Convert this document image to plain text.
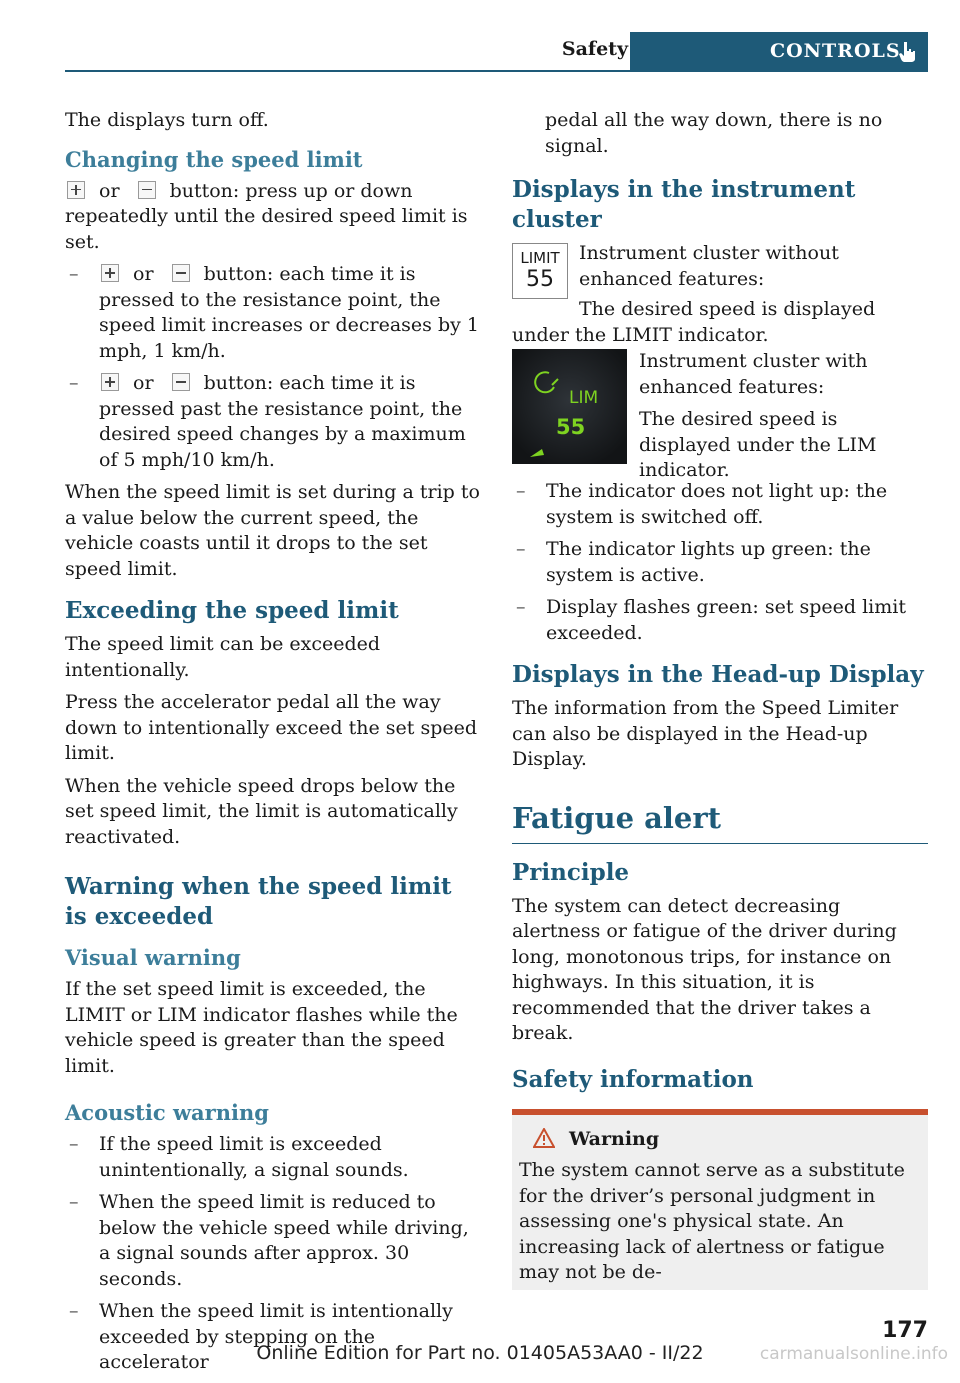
Safety	CONTROLS

The displays turn off.

Changing the speed limit

or	button: press up or down repeatedly until the desired speed limit is set.

–	or	button: each time it is pressed to the resistance point, the speed limit increases or decreases by 1 mph, 1 km/h.
–	or	button: each time it is pressed past the resistance point, the desired speed changes by a maximum of 5 mph/10 km/h.

When the speed limit is set during a trip to a value below the current speed, the vehicle coasts until it drops to the set speed limit.

Exceeding the speed limit

The speed limit can be exceeded intentionally.

Press the accelerator pedal all the way down to intentionally exceed the set speed limit.

When the vehicle speed drops below the set speed limit, the limit is automatically reactivated.

Warning when the speed limit is exceeded
Visual warning

If the set speed limit is exceeded, the LIMIT or LIM indicator flashes while the vehicle speed is greater than the speed limit.

Acoustic warning
– If the speed limit is exceeded unintentionally, a signal sounds.
– When the speed limit is reduced to below the vehicle speed while driving, a signal sounds after approx. 30 seconds.
– When the speed limit is intentionally exceeded by stepping on the accelerator

pedal all the way down, there is no signal.

Displays in the instrument cluster
LIMIT
55

Instrument cluster without enhanced features:

The desired speed is displayed under the LIMIT indicator.

LIM
55

Instrument cluster with enhanced features:

The desired speed is displayed under the LIM indicator.

– The indicator does not light up: the system is switched off.
– The indicator lights up green: the system is active.
– Display flashes green: set speed limit exceeded.
Displays in the Head-up Display

The information from the Speed Limiter can also be displayed in the Head-up Display.

Fatigue alert
Principle

The system can detect decreasing alertness or fatigue of the driver during long, monotonous trips, for instance on highways. In this situation, it is recommended that the driver takes a break.

Safety information
Warning

The system cannot serve as a substitute for the driver’s personal judgment in assessing one's physical state. An increasing lack of alertness or fatigue may not be de-

177
Online Edition for Part no. 01405A53AA0 - II/22	carmanualsonline.info
